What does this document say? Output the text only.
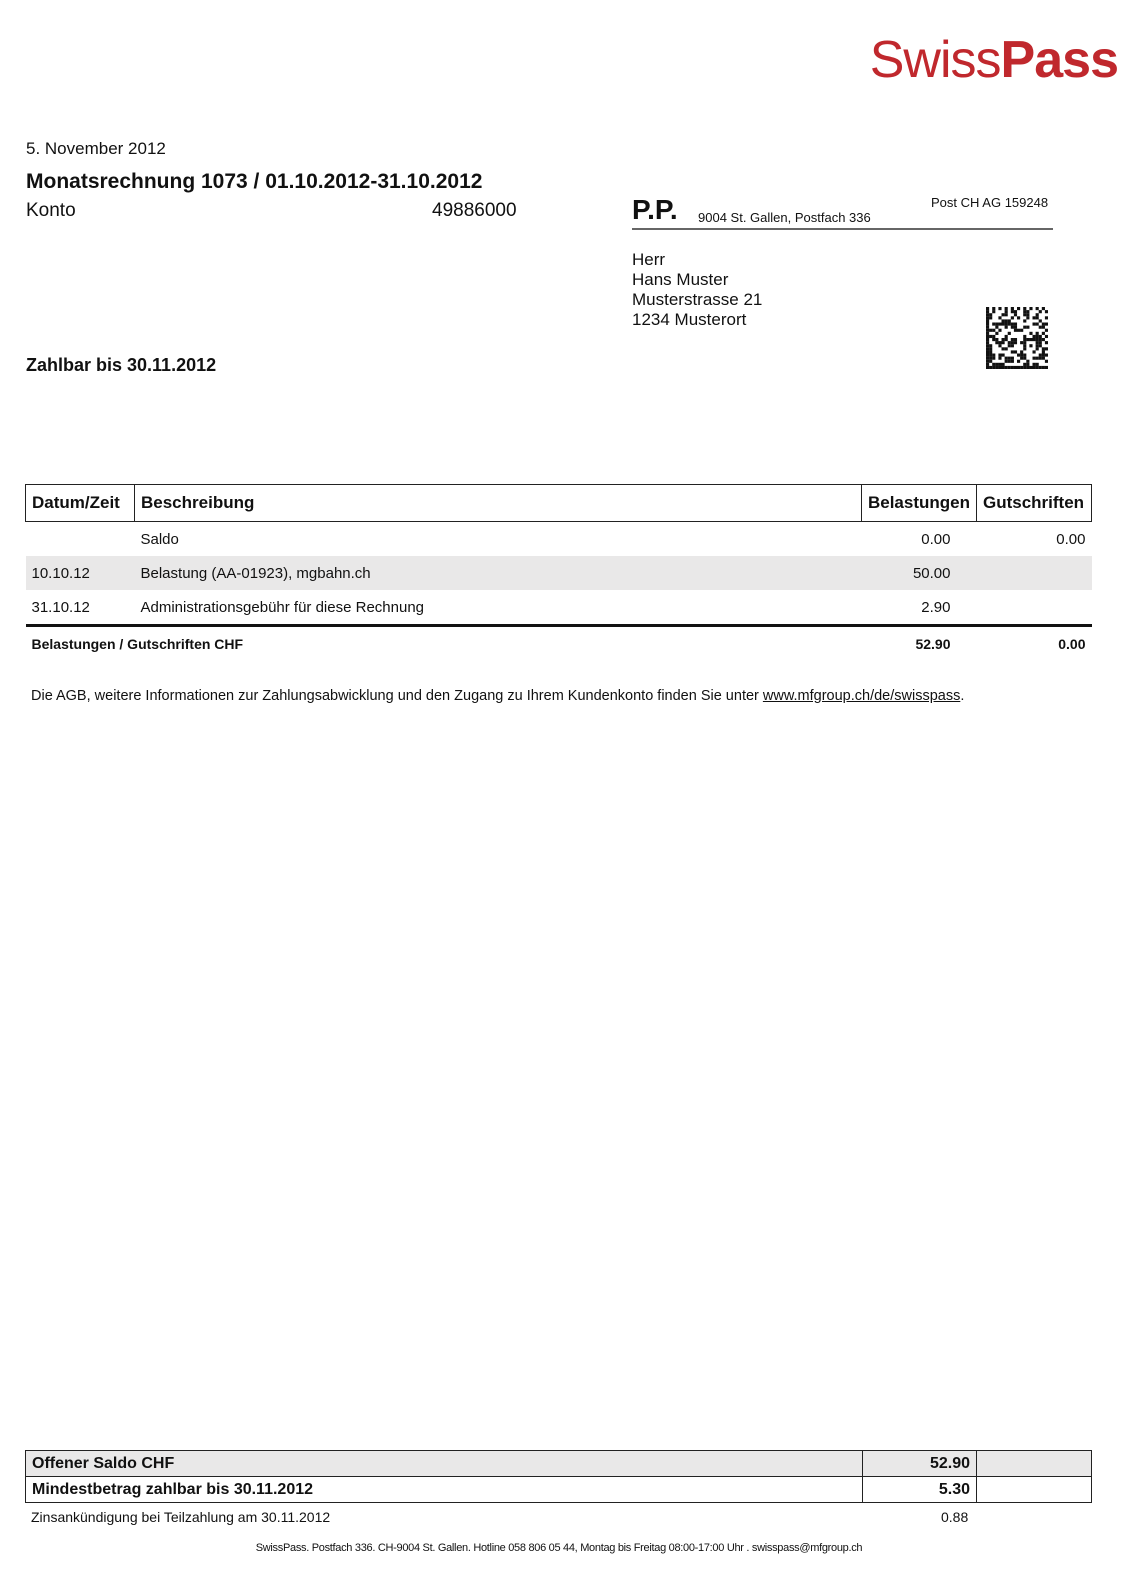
SwissPass
5. November 2012
Monatsrechnung 1073 / 01.10.2012-31.10.2012
Konto	49886000	P.P. 9004 St. Gallen, Postfach 336
Post CH AG 159248
Herr
Hans Muster
Musterstrasse 21
1234 Musterort
Zahlbar bis 30.11.2012
Datum/Zeit	Beschreibung	Belastungen	Gutschriften
	Saldo	0.00	0.00
10.10.12	Belastung (AA-01923), mgbahn.ch	50.00	
31.10.12	Administrationsgebühr für diese Rechnung	2.90	
Belastungen / Gutschriften CHF		52.90	0.00
Die AGB, weitere Informationen zur Zahlungsabwicklung und den Zugang zu Ihrem Kundenkonto finden Sie unter www.mfgroup.ch/de/swisspass.
Offener Saldo CHF	52.90	
Mindestbetrag zahlbar bis 30.11.2012	5.30	
Zinsankündigung bei Teilzahlung am 30.11.2012	0.88
SwissPass. Postfach 336. CH-9004 St. Gallen. Hotline 058 806 05 44, Montag bis Freitag 08:00-17:00 Uhr . swisspass@mfgroup.ch
